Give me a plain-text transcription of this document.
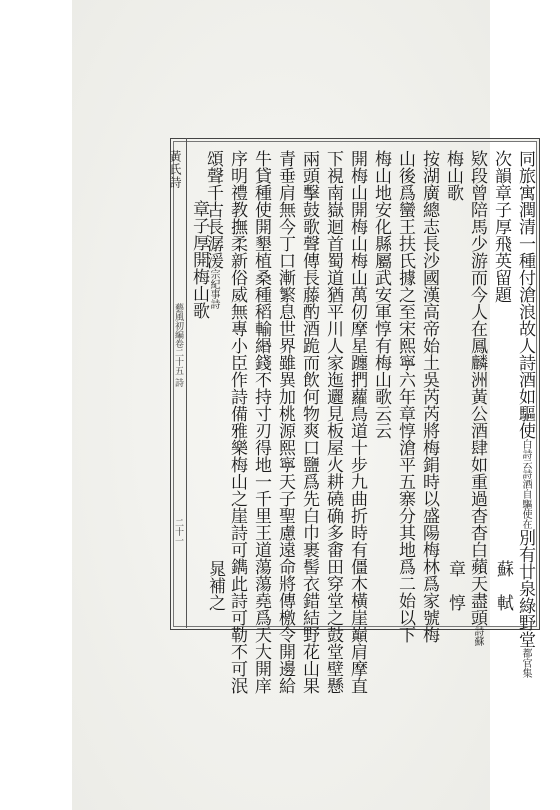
黃氏詩
藝風初編卷二十五 詩
二十一
同旅寓潤清一種付滄浪故人詩酒如驅使白詩云詩酒自驅使在別有廿泉綠野堂都官集
次韻章子厚飛英留題
蘇　軾
欵段曾陪馬少游而今人在鳳麟洲黃公酒肆如重過杳杳白蘋天盡頭詩蘇
梅山歌
章　惇
按湖廣總志長沙國漢高帝始土吳芮芮將梅鋗時以盛陽梅林爲家號梅
山後爲蠻王扶氏據之至宋熙寧六年章惇滄平五寨分其地爲二始以下
梅山地安化縣屬武安軍惇有梅山歌云云
開梅山開梅山梅山萬仞摩星躔捫蘿鳥道十步九曲折時有僵木橫崖巔肩摩直
下視南嶽迴首蜀道猶平川人家迤邐見板屋火耕磽确多畬田穿堂之鼓堂壁懸
兩頭擊鼓歌聲傳長藤酌酒跪而飲何物爽口鹽爲先白巾裹髻衣錯結野花山果
青垂肩無今丁口漸繁息世界雖異加桃源熙寧天子聖慮遠命將傳檄令開邊給
牛貸種使開墾植桑種稻輸緡錢不持寸刃得地一千里王道蕩蕩堯爲天大開庠
序明禮教撫柔新俗威無專小臣作詩備雅樂梅山之崖詩可鐫此詩可勒不可泯
頌聲千古長潺湲宗紀事詩
晁補之
章子厚開梅山歌
